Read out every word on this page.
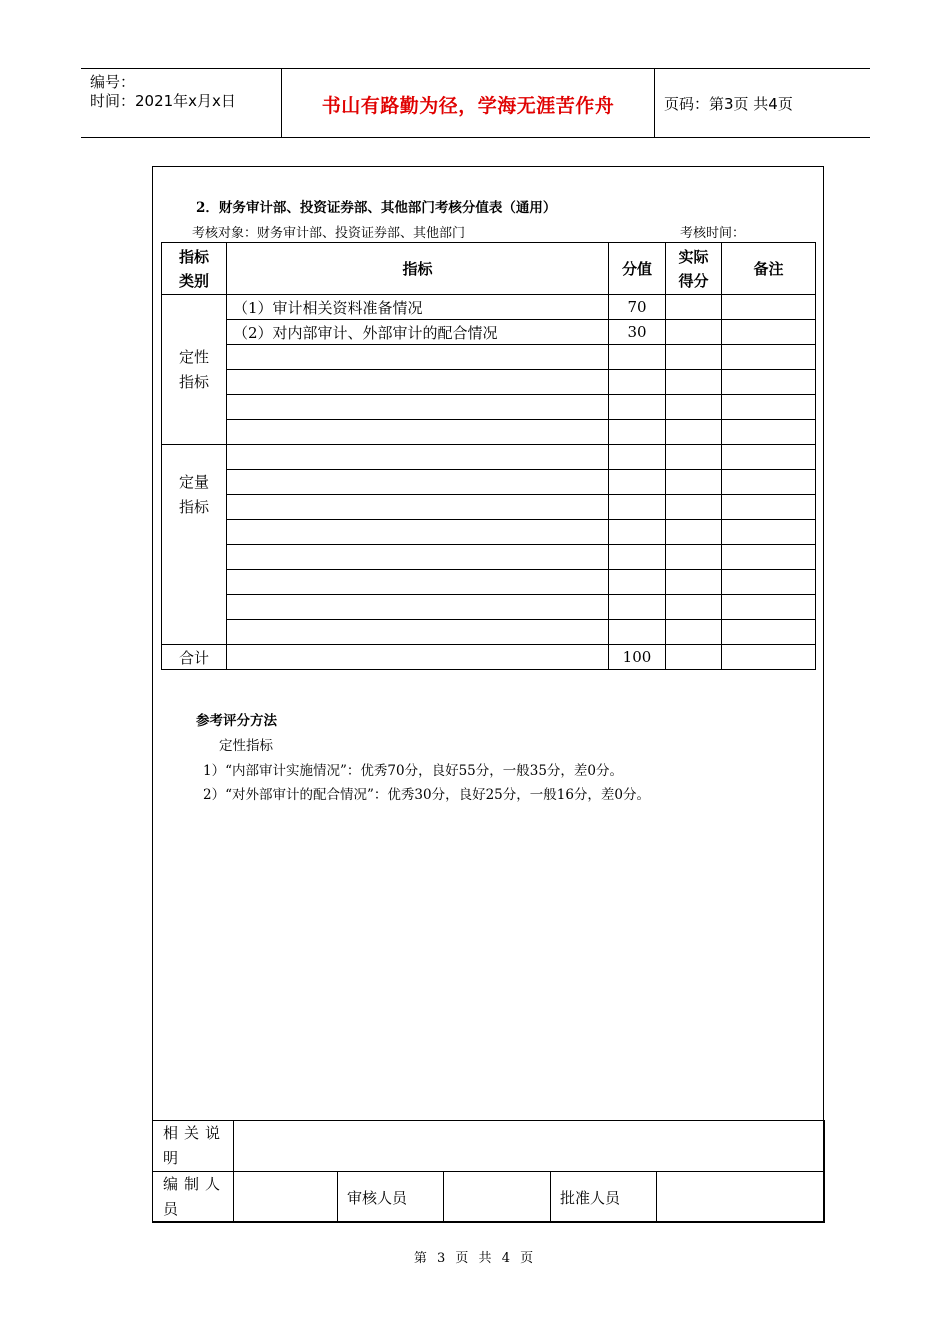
编号：
时间：2021年x月x日	书山有路勤为径，学海无涯苦作舟	页码：第3页 共4页
2．财务审计部、投资证券部、其他部门考核分值表（通用）
考核对象：财务审计部、投资证券部、其他部门	考核时间：
指标类别	指标	分值	实际得分	备注

定性指标	（1）审计相关资料准备情况	70		
	（2）对内部审计、外部审计的配合情况	30		

定量指标				

合计		100		
参考评分方法
定性指标
1）“内部审计实施情况”：优秀70分，良好55分，一般35分，差0分。
2）“对外部审计的配合情况”：优秀30分，良好25分，一般16分，差0分。
相关说明					
编制人员		审核人员		批准人员	
第 3 页 共 4 页
